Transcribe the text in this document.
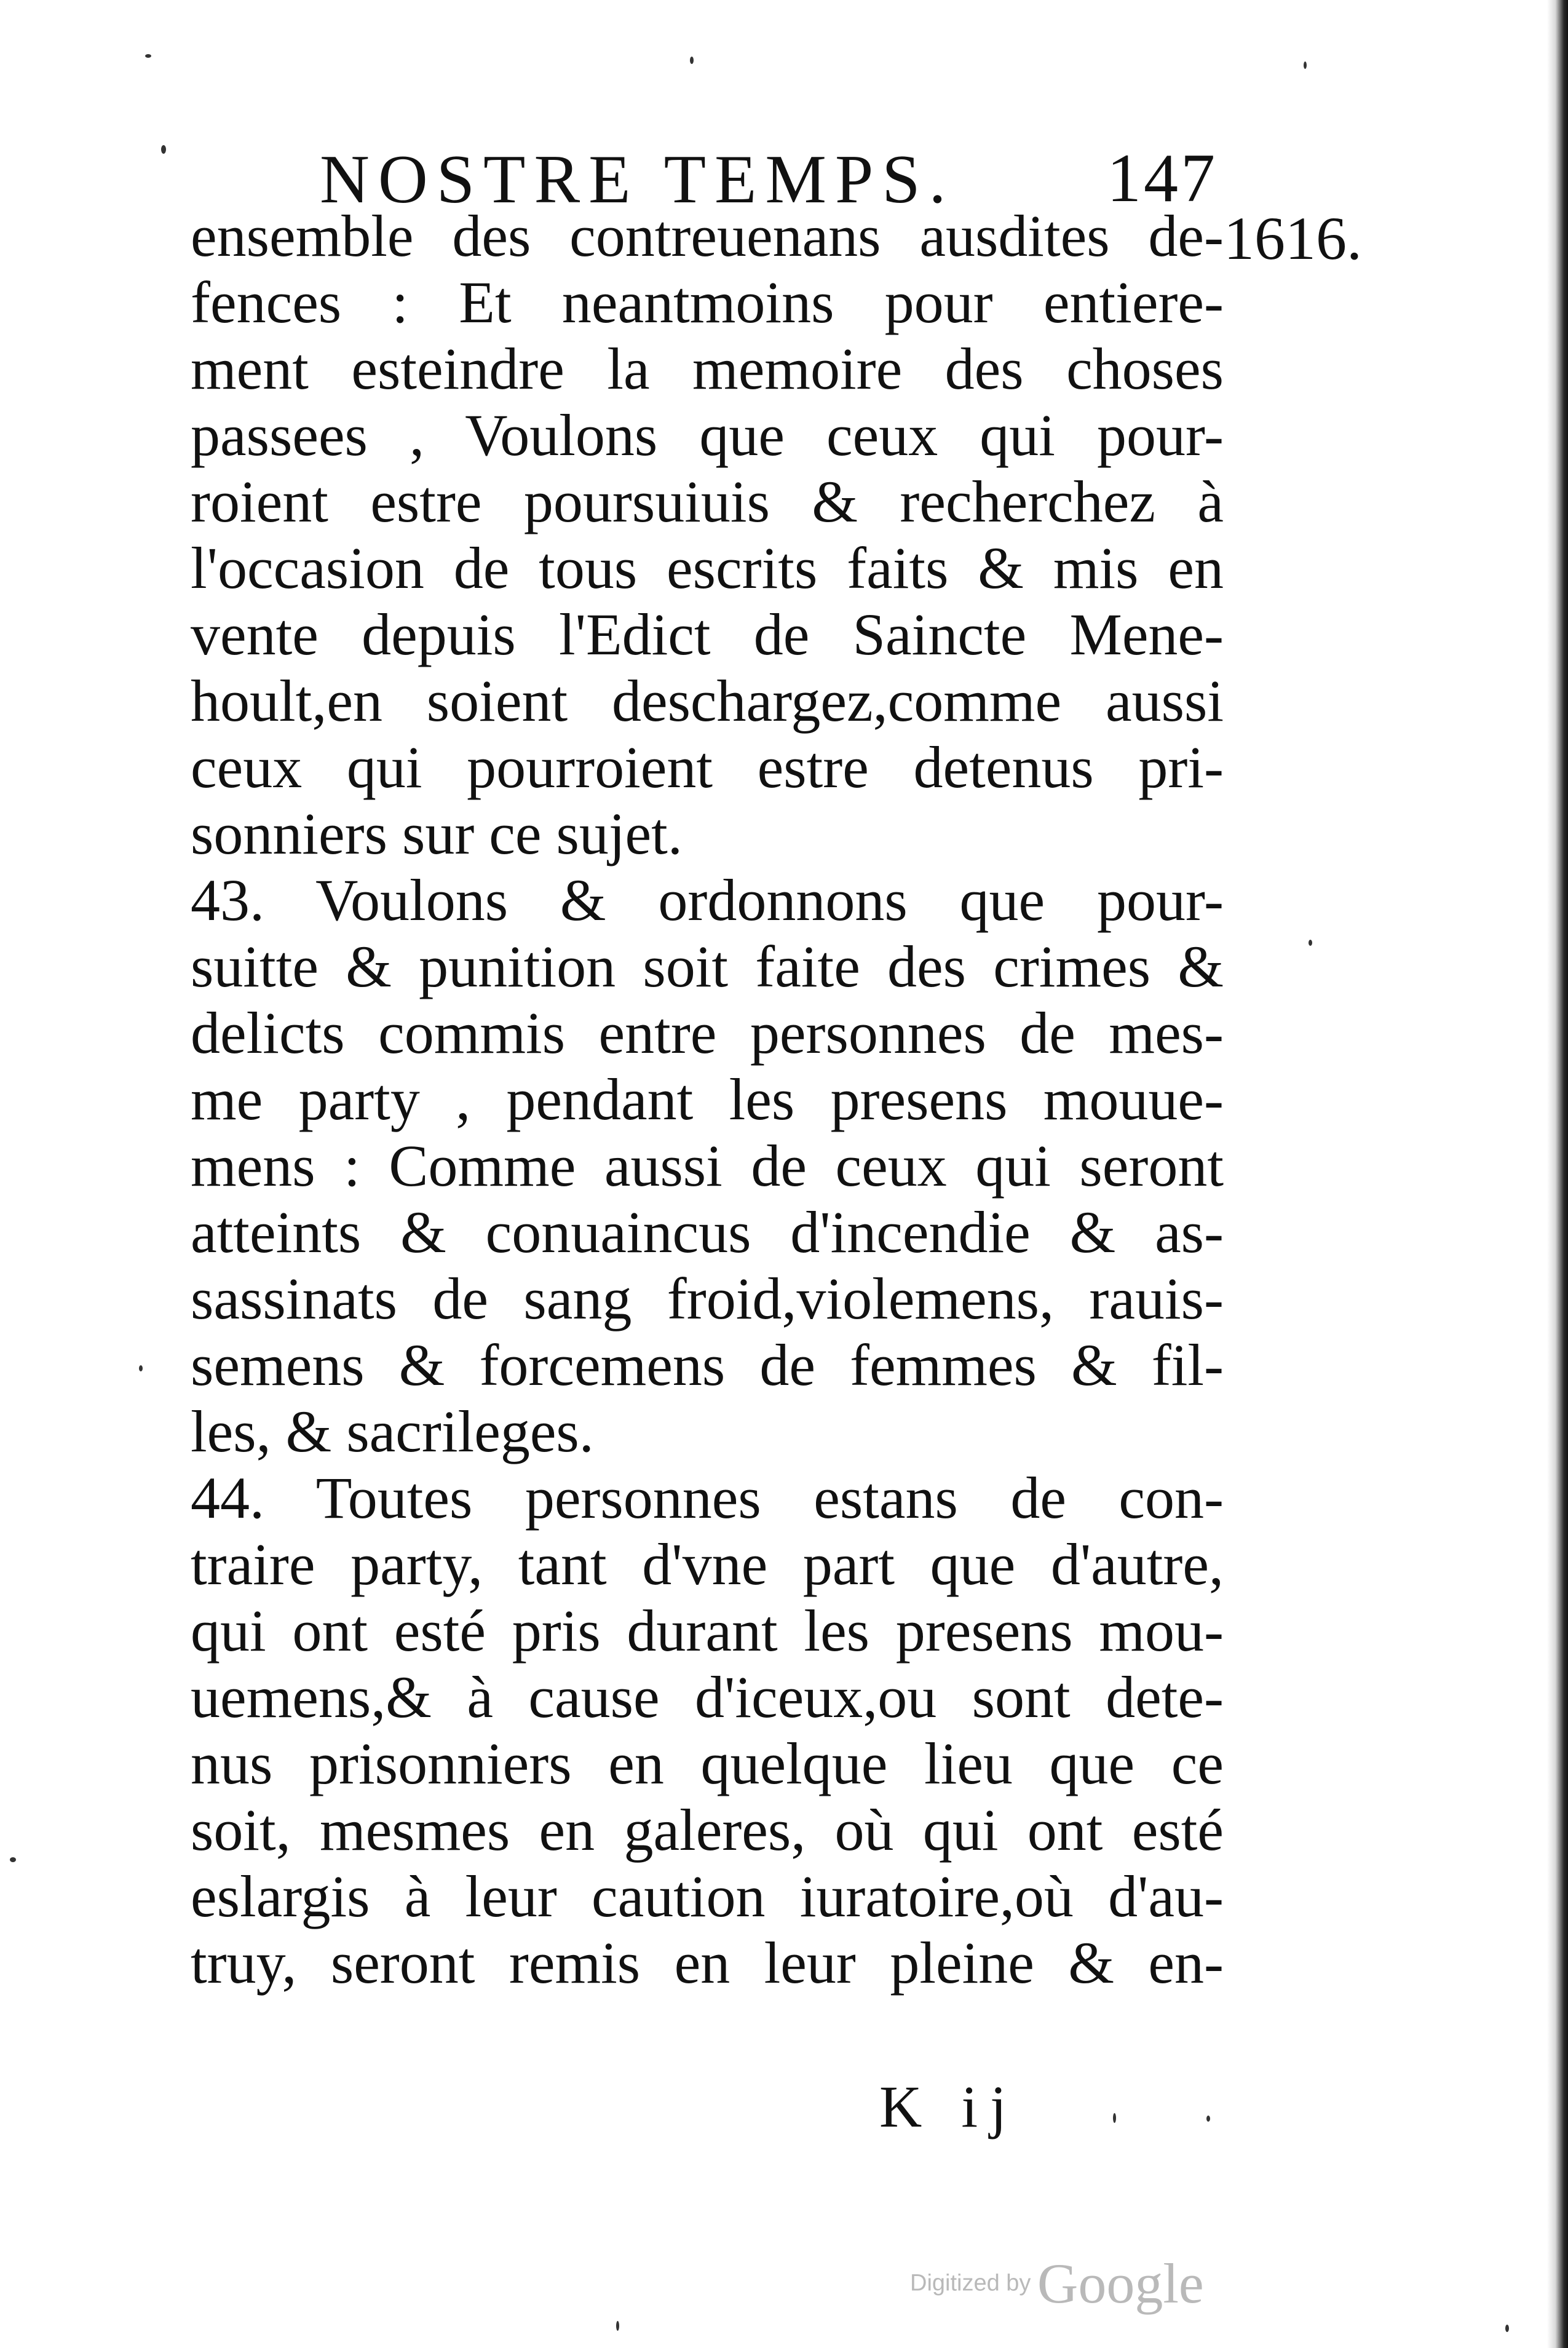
NOSTRE TEMPS. 147
1616.
ensemble des contreuenans ausdites de-
fences : Et neantmoins pour entiere-
ment esteindre la memoire des choses
passees , Voulons que ceux qui pour-
roient estre poursuiuis & recherchez à
l'occasion de tous escrits faits & mis en
vente depuis l'Edict de Saincte Mene-
hoult,en soient deschargez,comme aussi
ceux qui pourroient estre detenus pri-
sonniers sur ce sujet.
43. Voulons & ordonnons que pour-
suitte & punition soit faite des crimes &
delicts commis entre personnes de mes-
me party , pendant les presens mouue-
mens : Comme aussi de ceux qui seront
atteints & conuaincus d'incendie & as-
sassinats de sang froid,violemens, rauis-
semens & forcemens de femmes & fil-
les, & sacrileges.
44. Toutes personnes estans de con-
traire party, tant d'vne part que d'autre,
qui ont esté pris durant les presens mou-
uemens,& à cause d'iceux,ou sont dete-
nus prisonniers en quelque lieu que ce
soit, mesmes en galeres, où qui ont esté
eslargis à leur caution iuratoire,où d'au-
truy, seront remis en leur pleine & en-
K ij
Digitized by Google
